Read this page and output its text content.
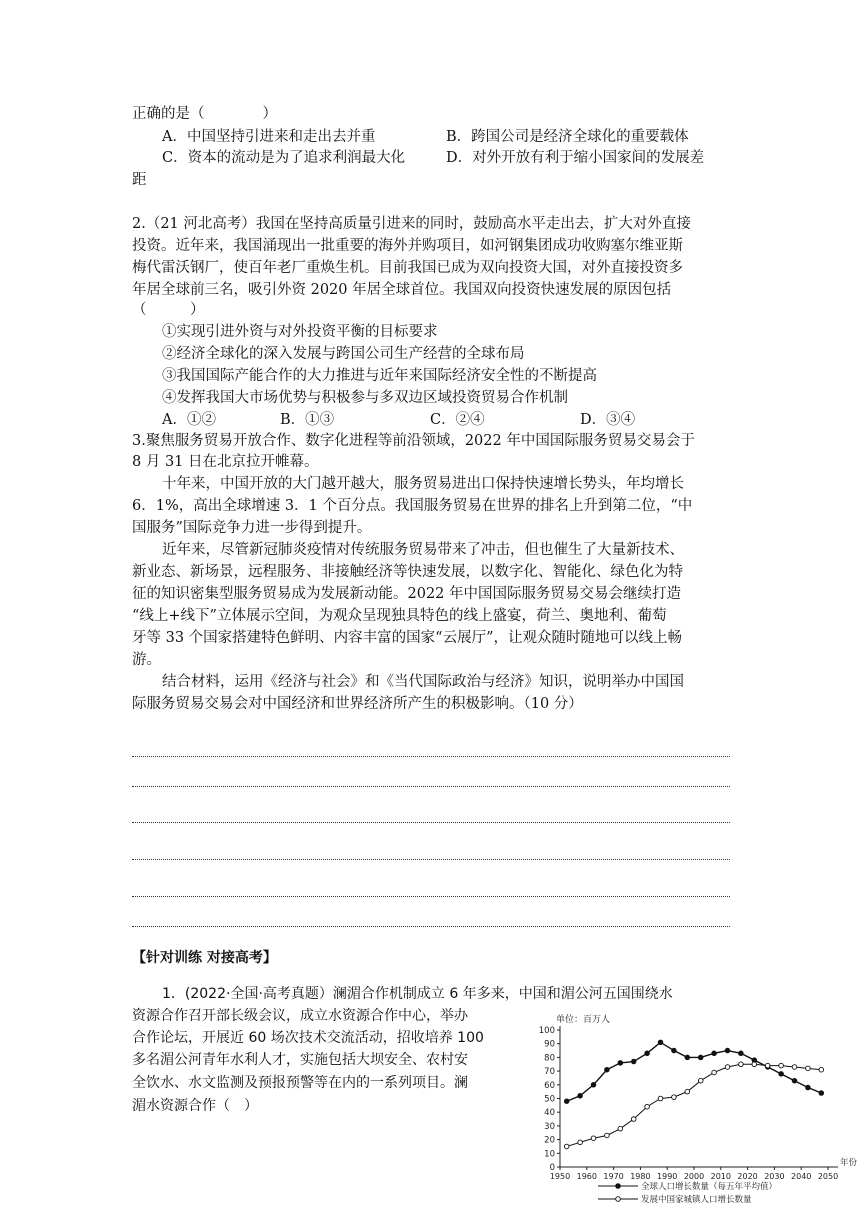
正确的是（　　　　）
A．中国坚持引进来和走出去并重	B．跨国公司是经济全球化的重要载体
C．资本的流动是为了追求利润最大化	D．对外开放有利于缩小国家间的发展差
距
2.（21 河北高考）我国在坚持高质量引进来的同时，鼓励高水平走出去，扩大对外直接
投资。近年来，我国涌现出一批重要的海外并购项目，如河钢集团成功收购塞尔维亚斯
梅代雷沃钢厂，使百年老厂重焕生机。目前我国已成为双向投资大国，对外直接投资多
年居全球前三名，吸引外资 2020 年居全球首位。我国双向投资快速发展的原因包括
（　　　）
①实现引进外资与对外投资平衡的目标要求
②经济全球化的深入发展与跨国公司生产经营的全球布局
③我国国际产能合作的大力推进与近年来国际经济安全性的不断提高
④发挥我国大市场优势与积极参与多双边区域投资贸易合作机制
A．①②	B．①③	C．②④	D．③④
3.聚焦服务贸易开放合作、数字化进程等前沿领域，2022 年中国国际服务贸易交易会于
8 月 31 日在北京拉开帷幕。
十年来，中国开放的大门越开越大，服务贸易进出口保持快速增长势头，年均增长
6．1%，高出全球增速 3．1 个百分点。我国服务贸易在世界的排名上升到第二位，“中
国服务”国际竞争力进一步得到提升。
近年来，尽管新冠肺炎疫情对传统服务贸易带来了冲击，但也催生了大量新技术、
新业态、新场景，远程服务、非接触经济等快速发展，以数字化、智能化、绿色化为特
征的知识密集型服务贸易成为发展新动能。2022 年中国国际服务贸易交易会继续打造
“线上+线下”立体展示空间，为观众呈现独具特色的线上盛宴，荷兰、奥地利、葡萄
牙等 33 个国家搭建特色鲜明、内容丰富的国家“云展厅”，让观众随时随地可以线上畅
游。
结合材料，运用《经济与社会》和《当代国际政治与经济》知识，说明举办中国国
际服务贸易交易会对中国经济和世界经济所产生的积极影响。（10 分）
【针对训练 对接高考】
1．(2022·全国·高考真题）澜湄合作机制成立 6 年多来，中国和湄公河五国围绕水
资源合作召开部长级会议，成立水资源合作中心，举办
合作论坛，开展近 60 场次技术交流活动，招收培养 100
多名湄公河青年水利人才，实施包括大坝安全、农村安
全饮水、水文监测及预报预警等在内的一系列项目。澜
湄水资源合作（　）
单位：百万人
0
10
20
30
40
50
60
70
80
90
100
1950 1960 1970 1980 1990 2000 2010 2020 2030 2040 2050
年份
全球人口增长数量（每五年平均值）
发展中国家城镇人口增长数量
